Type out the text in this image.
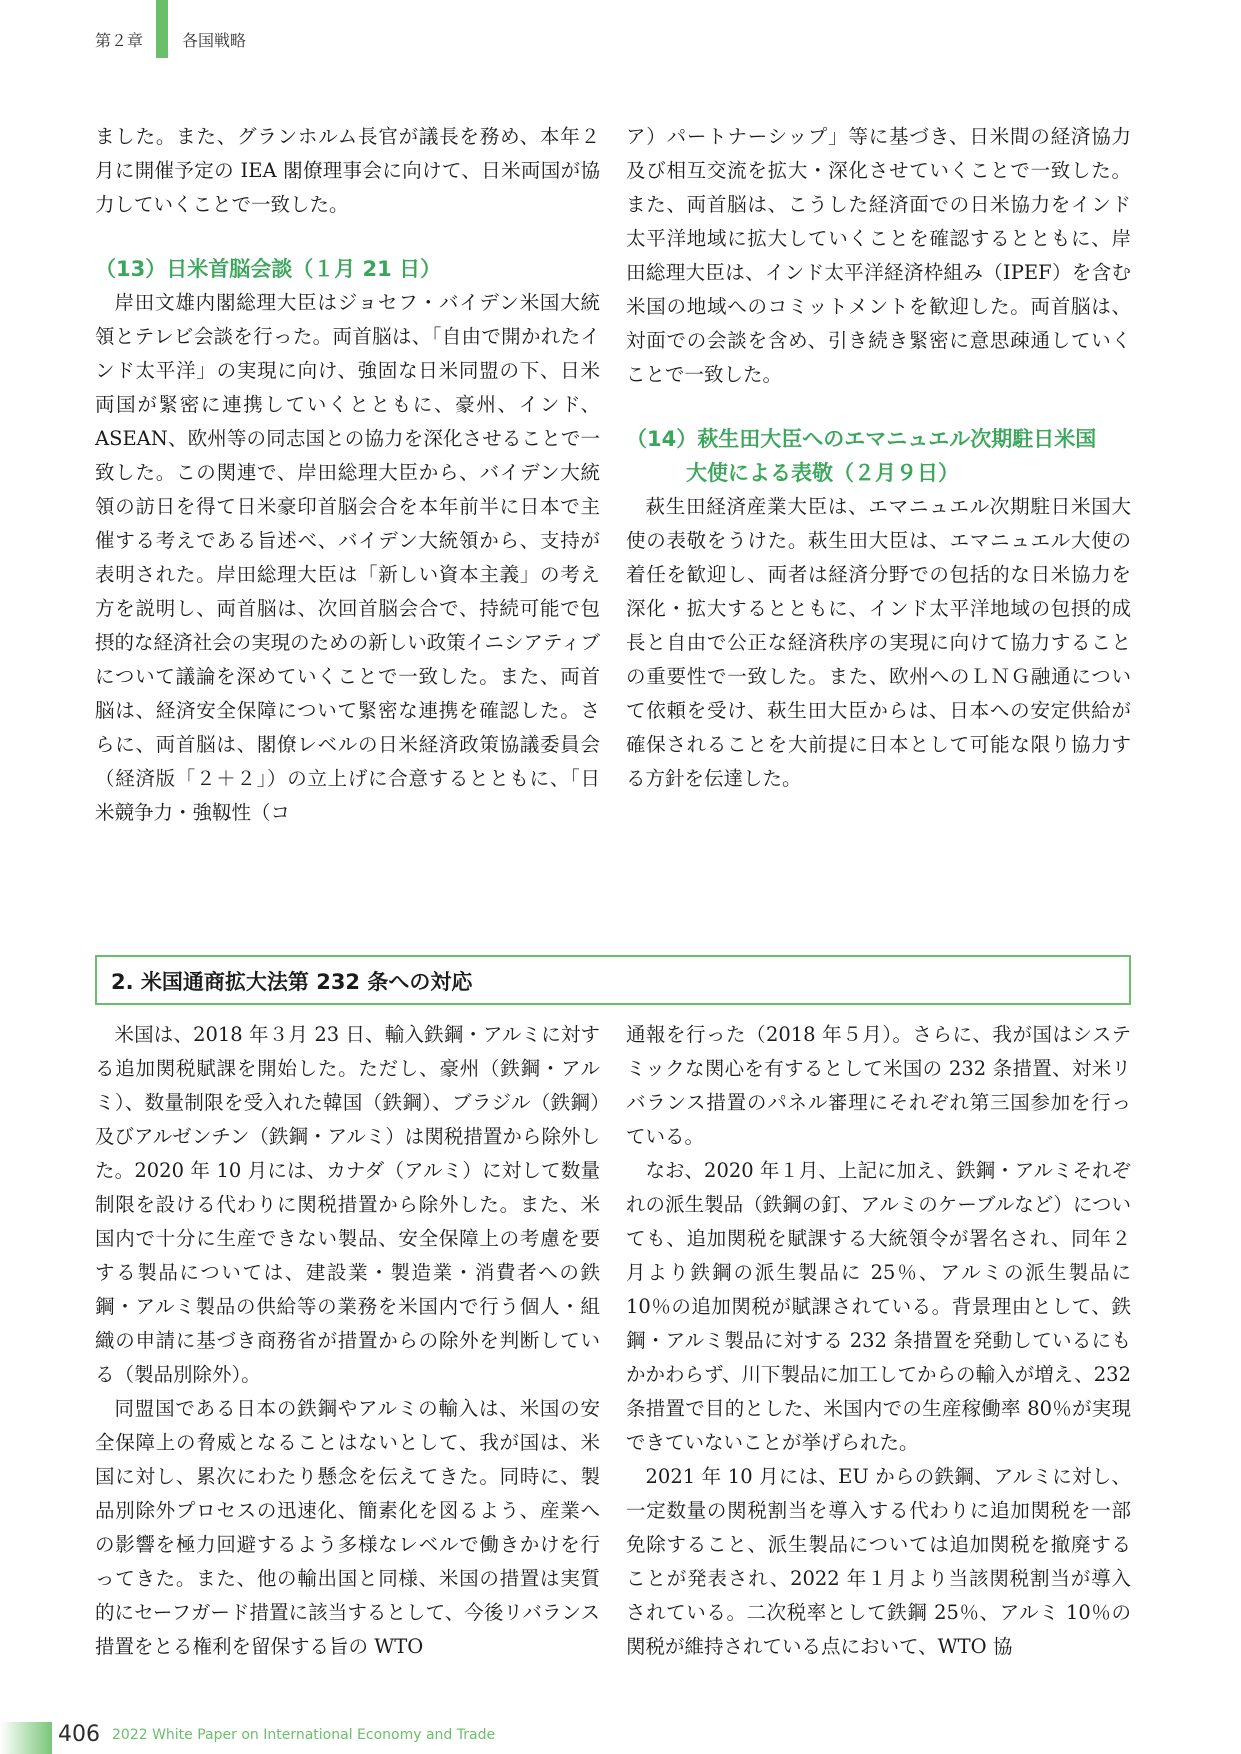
第２章 各国戦略

ました。また、グランホルム長官が議長を務め、本年２月に開催予定の IEA 閣僚理事会に向けて、日米両国が協力していくことで一致した。

（13）日米首脳会談（１月 21 日）

岸田文雄内閣総理大臣はジョセフ・バイデン米国大統領とテレビ会談を行った。両首脳は、「自由で開かれたインド太平洋」の実現に向け、強固な日米同盟の下、日米両国が緊密に連携していくとともに、豪州、インド、ASEAN、欧州等の同志国との協力を深化させることで一致した。この関連で、岸田総理大臣から、バイデン大統領の訪日を得て日米豪印首脳会合を本年前半に日本で主催する考えである旨述べ、バイデン大統領から、支持が表明された。岸田総理大臣は「新しい資本主義」の考え方を説明し、両首脳は、次回首脳会合で、持続可能で包摂的な経済社会の実現のための新しい政策イニシアティブについて議論を深めていくことで一致した。また、両首脳は、経済安全保障について緊密な連携を確認した。さらに、両首脳は、閣僚レベルの日米経済政策協議委員会（経済版「２＋２」）の立上げに合意するとともに、「日米競争力・強靱性（コ

ア）パートナーシップ」等に基づき、日米間の経済協力及び相互交流を拡大・深化させていくことで一致した。また、両首脳は、こうした経済面での日米協力をインド太平洋地域に拡大していくことを確認するとともに、岸田総理大臣は、インド太平洋経済枠組み（IPEF）を含む米国の地域へのコミットメントを歓迎した。両首脳は、対面での会談を含め、引き続き緊密に意思疎通していくことで一致した。

（14）萩生田大臣へのエマニュエル次期駐日米国

大使による表敬（２月９日）

萩生田経済産業大臣は、エマニュエル次期駐日米国大使の表敬をうけた。萩生田大臣は、エマニュエル大使の着任を歓迎し、両者は経済分野での包括的な日米協力を深化・拡大するとともに、インド太平洋地域の包摂的成長と自由で公正な経済秩序の実現に向けて協力することの重要性で一致した。また、欧州へのＬＮＧ融通について依頼を受け、萩生田大臣からは、日本への安定供給が確保されることを大前提に日本として可能な限り協力する方針を伝達した。

2. 米国通商拡大法第 232 条への対応

米国は、2018 年３月 23 日、輸入鉄鋼・アルミに対する追加関税賦課を開始した。ただし、豪州（鉄鋼・アルミ）、数量制限を受入れた韓国（鉄鋼）、ブラジル（鉄鋼）及びアルゼンチン（鉄鋼・アルミ）は関税措置から除外した。2020 年 10 月には、カナダ（アルミ）に対して数量制限を設ける代わりに関税措置から除外した。また、米国内で十分に生産できない製品、安全保障上の考慮を要する製品については、建設業・製造業・消費者への鉄鋼・アルミ製品の供給等の業務を米国内で行う個人・組織の申請に基づき商務省が措置からの除外を判断している（製品別除外）。

同盟国である日本の鉄鋼やアルミの輸入は、米国の安全保障上の脅威となることはないとして、我が国は、米国に対し、累次にわたり懸念を伝えてきた。同時に、製品別除外プロセスの迅速化、簡素化を図るよう、産業への影響を極力回避するよう多様なレベルで働きかけを行ってきた。また、他の輸出国と同様、米国の措置は実質的にセーフガード措置に該当するとして、今後リバランス措置をとる権利を留保する旨の WTO

通報を行った（2018 年５月）。さらに、我が国はシステミックな関心を有するとして米国の 232 条措置、対米リバランス措置のパネル審理にそれぞれ第三国参加を行っている。

なお、2020 年１月、上記に加え、鉄鋼・アルミそれぞれの派生製品（鉄鋼の釘、アルミのケーブルなど）についても、追加関税を賦課する大統領令が署名され、同年２月より鉄鋼の派生製品に 25％、アルミの派生製品に 10％の追加関税が賦課されている。背景理由として、鉄鋼・アルミ製品に対する 232 条措置を発動しているにもかかわらず、川下製品に加工してからの輸入が増え、232 条措置で目的とした、米国内での生産稼働率 80％が実現できていないことが挙げられた。

2021 年 10 月には、EU からの鉄鋼、アルミに対し、一定数量の関税割当を導入する代わりに追加関税を一部免除すること、派生製品については追加関税を撤廃することが発表され、2022 年１月より当該関税割当が導入されている。二次税率として鉄鋼 25％、アルミ 10％の関税が維持されている点において、WTO 協

406 2022 White Paper on International Economy and Trade
